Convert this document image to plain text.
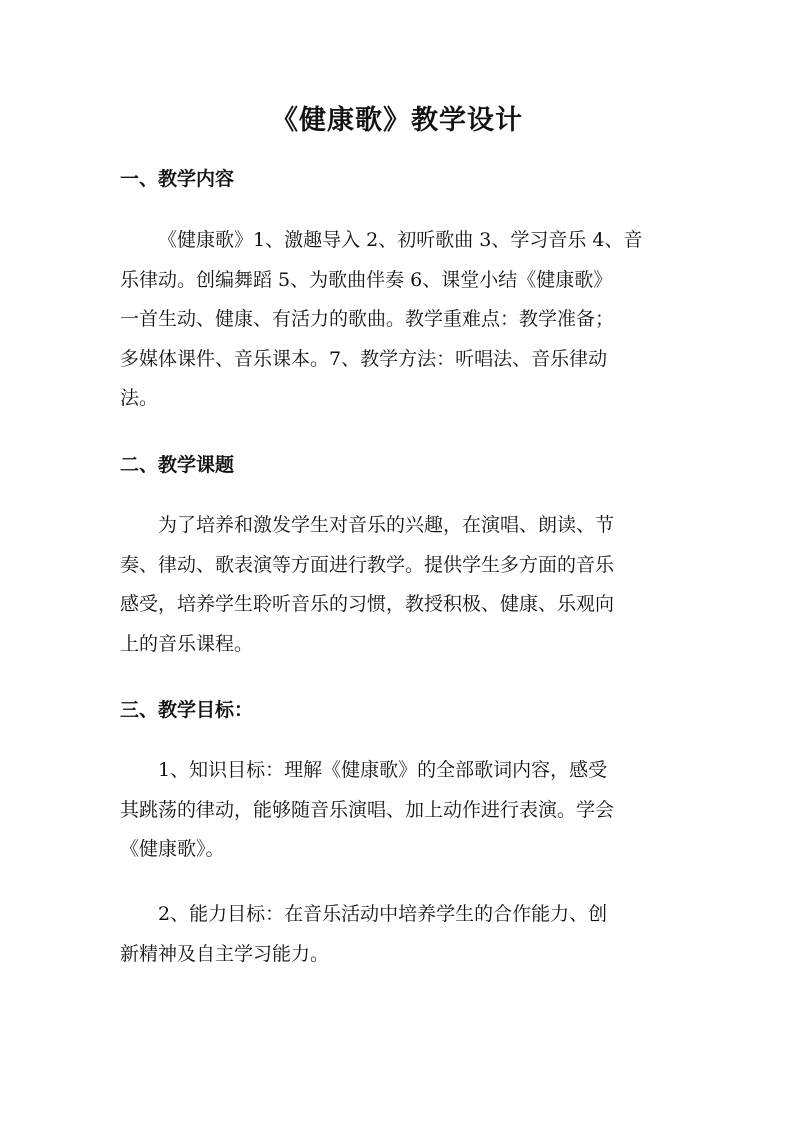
《健康歌》教学设计
一、教学内容
《健康歌》1、激趣导入 2、初听歌曲 3、学习音乐 4、音
乐律动。创编舞蹈 5、为歌曲伴奏 6、课堂小结《健康歌》
一首生动、健康、有活力的歌曲。教学重难点：教学准备；
多媒体课件、音乐课本。7、教学方法：听唱法、音乐律动
法。
二、教学课题
为了培养和激发学生对音乐的兴趣，在演唱、朗读、节
奏、律动、歌表演等方面进行教学。提供学生多方面的音乐
感受，培养学生聆听音乐的习惯，教授积极、健康、乐观向
上的音乐课程。
三、教学目标：
1、知识目标：理解《健康歌》的全部歌词内容，感受
其跳荡的律动，能够随音乐演唱、加上动作进行表演。学会
《健康歌》。
2、能力目标：在音乐活动中培养学生的合作能力、创
新精神及自主学习能力。
